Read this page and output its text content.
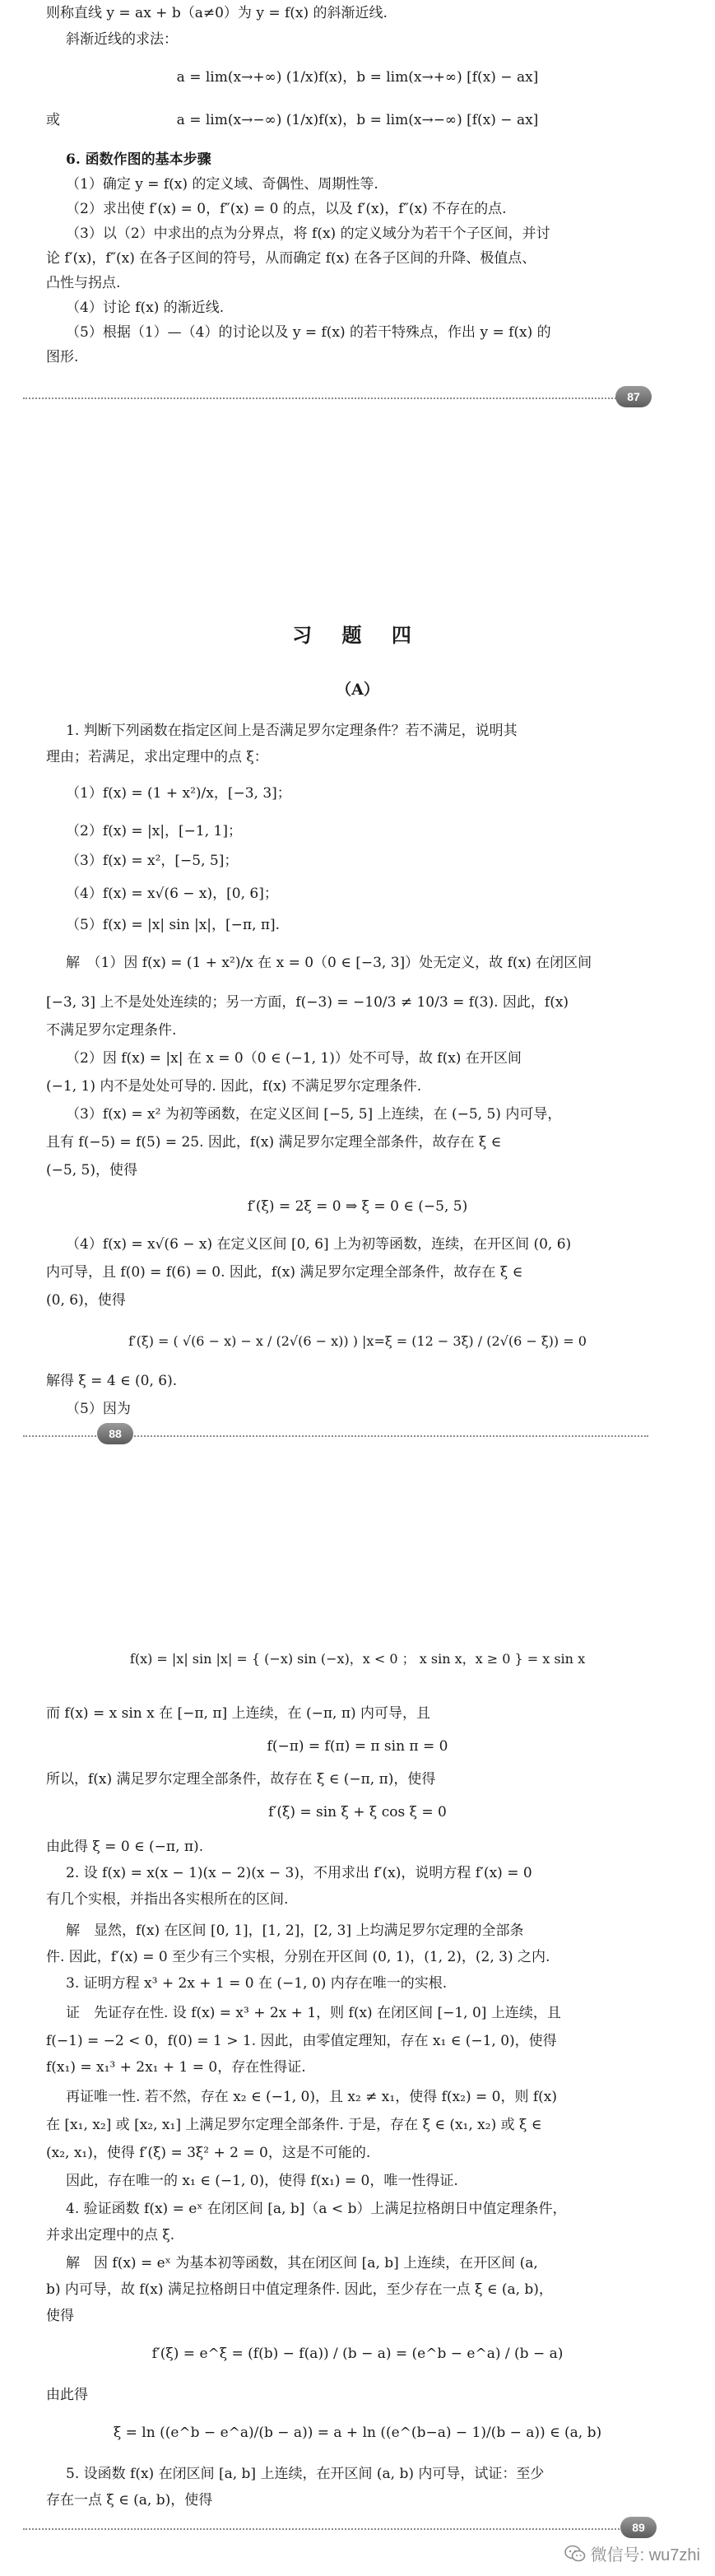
则称直线 y = ax + b（a≠0）为 y = f(x) 的斜渐近线.
斜渐近线的求法：
a = lim(x→+∞) (1/x)f(x)，b = lim(x→+∞) [f(x) − ax]
或	a = lim(x→−∞) (1/x)f(x)，b = lim(x→−∞) [f(x) − ax]
6. 函数作图的基本步骤
（1）确定 y = f(x) 的定义域、奇偶性、周期性等.
（2）求出使 f′(x) = 0，f″(x) = 0 的点，以及 f′(x)，f″(x) 不存在的点.
（3）以（2）中求出的点为分界点，将 f(x) 的定义域分为若干个子区间，并讨
论 f′(x)，f″(x) 在各子区间的符号，从而确定 f(x) 在各子区间的升降、极值点、
凸性与拐点.
（4）讨论 f(x) 的渐近线.
（5）根据（1）—（4）的讨论以及 y = f(x) 的若干特殊点，作出 y = f(x) 的
图形.
87
习 题 四
（A）
1. 判断下列函数在指定区间上是否满足罗尔定理条件？若不满足，说明其
理由；若满足，求出定理中的点 ξ：
（1）f(x) = (1 + x²)/x，[−3, 3]；
（2）f(x) = |x|，[−1, 1]；
（3）f(x) = x²，[−5, 5]；
（4）f(x) = x√(6 − x)，[0, 6]；
（5）f(x) = |x| sin |x|，[−π, π].
解　（1）因 f(x) = (1 + x²)/x 在 x = 0（0 ∈ [−3, 3]）处无定义，故 f(x) 在闭区间
[−3, 3] 上不是处处连续的；另一方面，f(−3) = −10/3 ≠ 10/3 = f(3). 因此，f(x)
不满足罗尔定理条件.
（2）因 f(x) = |x| 在 x = 0（0 ∈ (−1, 1)）处不可导，故 f(x) 在开区间
(−1, 1) 内不是处处可导的. 因此，f(x) 不满足罗尔定理条件.
（3）f(x) = x² 为初等函数，在定义区间 [−5, 5] 上连续，在 (−5, 5) 内可导，
且有 f(−5) = f(5) = 25. 因此，f(x) 满足罗尔定理全部条件，故存在 ξ ∈
(−5, 5)，使得
f′(ξ) = 2ξ = 0 ⇒ ξ = 0 ∈ (−5, 5)
（4）f(x) = x√(6 − x) 在定义区间 [0, 6] 上为初等函数，连续，在开区间 (0, 6)
内可导，且 f(0) = f(6) = 0. 因此，f(x) 满足罗尔定理全部条件，故存在 ξ ∈
(0, 6)，使得
f′(ξ) = ( √(6 − x) − x / (2√(6 − x)) ) |x=ξ = (12 − 3ξ) / (2√(6 − ξ)) = 0
解得 ξ = 4 ∈ (0, 6).
（5）因为
88
f(x) = |x| sin |x| = { (−x) sin (−x)，x < 0 ； x sin x，x ≥ 0 } = x sin x
而 f(x) = x sin x 在 [−π, π] 上连续，在 (−π, π) 内可导，且
f(−π) = f(π) = π sin π = 0
所以，f(x) 满足罗尔定理全部条件，故存在 ξ ∈ (−π, π)，使得
f′(ξ) = sin ξ + ξ cos ξ = 0
由此得 ξ = 0 ∈ (−π, π).
2. 设 f(x) = x(x − 1)(x − 2)(x − 3)，不用求出 f′(x)，说明方程 f′(x) = 0
有几个实根，并指出各实根所在的区间.
解　显然，f(x) 在区间 [0, 1]，[1, 2]，[2, 3] 上均满足罗尔定理的全部条
件. 因此，f′(x) = 0 至少有三个实根，分别在开区间 (0, 1)，(1, 2)，(2, 3) 之内.
3. 证明方程 x³ + 2x + 1 = 0 在 (−1, 0) 内存在唯一的实根.
证　先证存在性. 设 f(x) = x³ + 2x + 1，则 f(x) 在闭区间 [−1, 0] 上连续，且
f(−1) = −2 < 0，f(0) = 1 > 1. 因此，由零值定理知，存在 x₁ ∈ (−1, 0)，使得
f(x₁) = x₁³ + 2x₁ + 1 = 0，存在性得证.
再证唯一性. 若不然，存在 x₂ ∈ (−1, 0)，且 x₂ ≠ x₁，使得 f(x₂) = 0，则 f(x)
在 [x₁, x₂] 或 [x₂, x₁] 上满足罗尔定理全部条件. 于是，存在 ξ ∈ (x₁, x₂) 或 ξ ∈
(x₂, x₁)，使得 f′(ξ) = 3ξ² + 2 = 0，这是不可能的.
因此，存在唯一的 x₁ ∈ (−1, 0)，使得 f(x₁) = 0，唯一性得证.
4. 验证函数 f(x) = eˣ 在闭区间 [a, b]（a < b）上满足拉格朗日中值定理条件，
并求出定理中的点 ξ.
解　因 f(x) = eˣ 为基本初等函数，其在闭区间 [a, b] 上连续，在开区间 (a,
b) 内可导，故 f(x) 满足拉格朗日中值定理条件. 因此，至少存在一点 ξ ∈ (a, b)，
使得
f′(ξ) = e^ξ = (f(b) − f(a)) / (b − a) = (e^b − e^a) / (b − a)
由此得
ξ = ln ((e^b − e^a)/(b − a)) = a + ln ((e^(b−a) − 1)/(b − a)) ∈ (a, b)
5. 设函数 f(x) 在闭区间 [a, b] 上连续，在开区间 (a, b) 内可导，试证：至少
存在一点 ξ ∈ (a, b)，使得
89
微信号: wu7zhi
